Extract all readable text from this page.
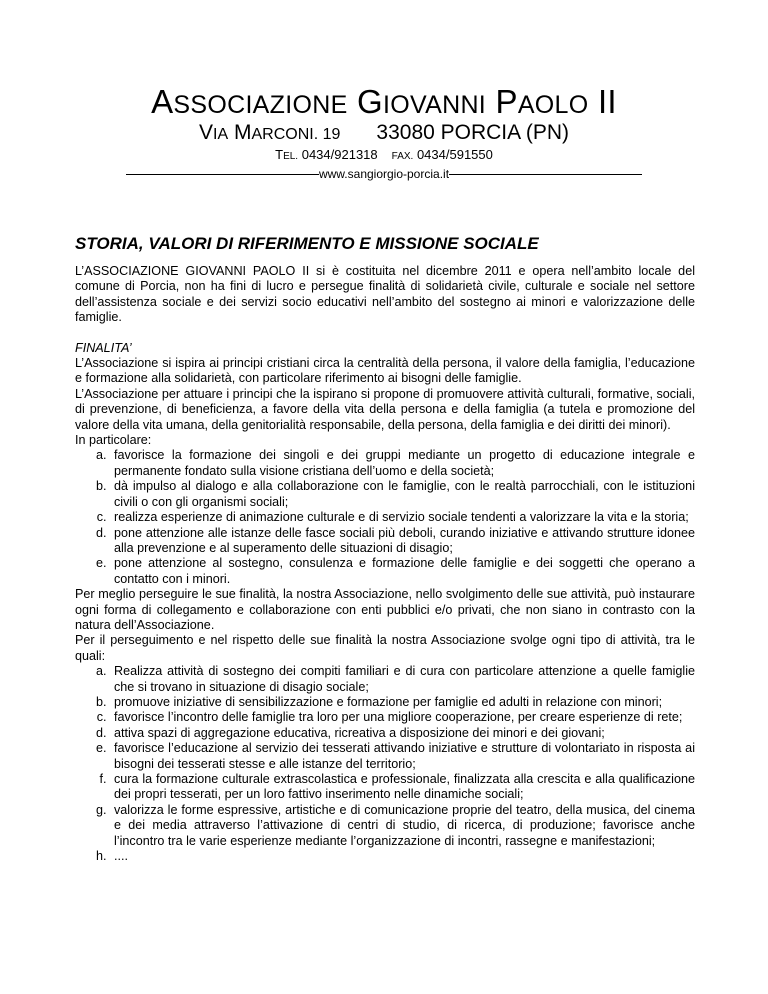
ASSOCIAZIONE GIOVANNI PAOLO II
VIA MARCONI. 19 33080 PORCIA (PN)
TEL. 0434/921318 FAX. 0434/591550
www.sangiorgio-porcia.it
STORIA, VALORI DI RIFERIMENTO E MISSIONE SOCIALE

L’ASSOCIAZIONE GIOVANNI PAOLO II si è costituita nel dicembre 2011 e opera nell’ambito locale del comune di Porcia, non ha fini di lucro e persegue finalità di solidarietà civile, culturale e sociale nel settore dell’assistenza sociale e dei servizi socio educativi nell’ambito del sostegno ai minori e valorizzazione delle famiglie.

FINALITA’

L’Associazione si ispira ai principi cristiani circa la centralità della persona, il valore della famiglia, l’educazione e formazione alla solidarietà, con particolare riferimento ai bisogni delle famiglie.

L’Associazione per attuare i principi che la ispirano si propone di promuovere attività culturali, formative, sociali, di prevenzione, di beneficienza, a favore della vita della persona e della famiglia (a tutela e promozione del valore della vita umana, della genitorialità responsabile, della persona, della famiglia e dei diritti dei minori).

In particolare:

a. favorisce la formazione dei singoli e dei gruppi mediante un progetto di educazione integrale e permanente fondato sulla visione cristiana dell’uomo e della società;
b. dà impulso al dialogo e alla collaborazione con le famiglie, con le realtà parrocchiali, con le istituzioni civili o con gli organismi sociali;
c. realizza esperienze di animazione culturale e di servizio sociale tendenti a valorizzare la vita e la storia;
d. pone attenzione alle istanze delle fasce sociali più deboli, curando iniziative e attivando strutture idonee alla prevenzione e al superamento delle situazioni di disagio;
e. pone attenzione al sostegno, consulenza e formazione delle famiglie e dei soggetti che operano a contatto con i minori.

Per meglio perseguire le sue finalità, la nostra Associazione, nello svolgimento delle sue attività, può instaurare ogni forma di collegamento e collaborazione con enti pubblici e/o privati, che non siano in contrasto con la natura dell’Associazione.

Per il perseguimento e nel rispetto delle sue finalità la nostra Associazione svolge ogni tipo di attività, tra le quali:

a. Realizza attività di sostegno dei compiti familiari e di cura con particolare attenzione a quelle famiglie che si trovano in situazione di disagio sociale;
b. promuove iniziative di sensibilizzazione e formazione per famiglie ed adulti in relazione con minori;
c. favorisce l’incontro delle famiglie tra loro per una migliore cooperazione, per creare esperienze di rete;
d. attiva spazi di aggregazione educativa, ricreativa a disposizione dei minori e dei giovani;
e. favorisce l’educazione al servizio dei tesserati attivando iniziative e strutture di volontariato in risposta ai bisogni dei tesserati stesse e alle istanze del territorio;
f. cura la formazione culturale extrascolastica e professionale, finalizzata alla crescita e alla qualificazione dei propri tesserati, per un loro fattivo inserimento nelle dinamiche sociali;
g. valorizza le forme espressive, artistiche e di comunicazione proprie del teatro, della musica, del cinema e dei media attraverso l’attivazione di centri di studio, di ricerca, di produzione; favorisce anche l’incontro tra le varie esperienze mediante l’organizzazione di incontri, rassegne e manifestazioni;
h. ....
